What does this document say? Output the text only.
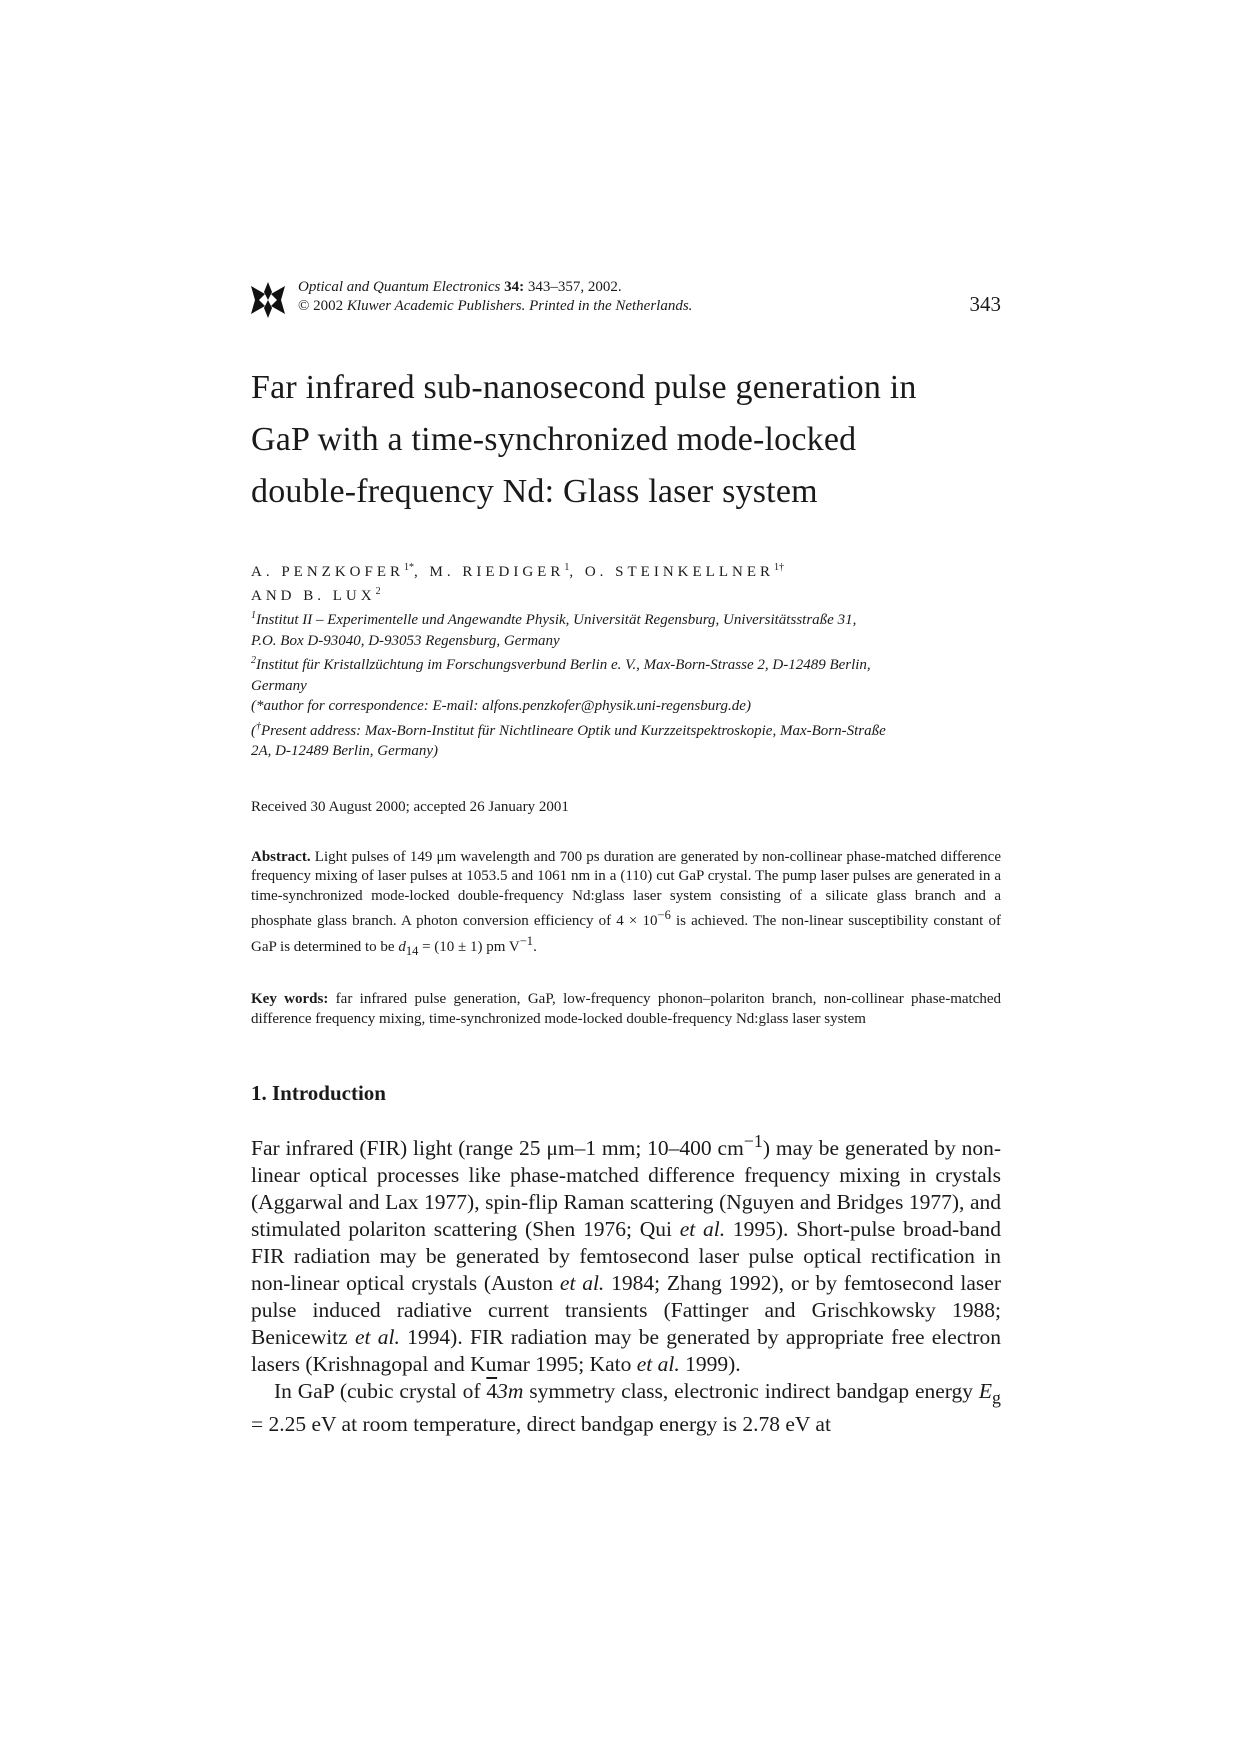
Optical and Quantum Electronics 34: 343–357, 2002.
© 2002 Kluwer Academic Publishers. Printed in the Netherlands.	343
Far infrared sub-nanosecond pulse generation in
GaP with a time-synchronized mode-locked
double-frequency Nd: Glass laser system
A. $PENZKOFER^{1*}$, M. RIEDIGER$^1$, O. $STEINKELLNER^{1\dagger}$
AND B. LUX$^2$
$^1$Institut II – Experimentelle und Angewandte Physik, Universität Regensburg, Universitätsstraße 31,
P.O. Box D-93040, D-93053 Regensburg, Germany
$^2$Institut für Kristallzüchtung im Forschungsverbund Berlin e. V., Max-Born-Strasse 2, D-12489 Berlin,
Germany
(*author for correspondence: E-mail: alfons.penzkofer@physik.uni-regensburg.de)
(†Present address: Max-Born-Institut für Nichtlineare Optik und Kurzzeitspektroskopie, Max-Born-Straße
2A, D-12489 Berlin, Germany)
Received 30 August 2000; accepted 26 January 2001
Abstract. Light pulses of 149 μm wavelength and 700 ps duration are generated by non-collinear phase-matched difference frequency mixing of laser pulses at 1053.5 and 1061 nm in a (110) cut GaP crystal. The pump laser pulses are generated in a time-synchronized mode-locked double-frequency Nd:glass laser system consisting of a silicate glass branch and a phosphate glass branch. A photon conversion efficiency of $4 \times 10^{-6}$ is achieved. The non-linear susceptibility constant of GaP is determined to be $d_{14} = (10 \pm 1)$ pm $V^{-1}$.
Key words: far infrared pulse generation, GaP, low-frequency phonon–polariton branch, non-collinear phase-matched difference frequency mixing, time-synchronized mode-locked double-frequency Nd:glass laser system
1. Introduction

Far infrared (FIR) light (range 25 μm–1 mm; 10–400 $cm^{-1}$) may be generated by non-linear optical processes like phase-matched difference frequency mixing in crystals (Aggarwal and Lax 1977), spin-flip Raman scattering (Nguyen and Bridges 1977), and stimulated polariton scattering (Shen 1976; Qui et al. 1995). Short-pulse broad-band FIR radiation may be generated by femtosecond laser pulse optical rectification in non-linear optical crystals (Auston et al. 1984; Zhang 1992), or by femtosecond laser pulse induced radiative current transients (Fattinger and Grischkowsky 1988; Benicewitz et al. 1994). FIR radiation may be generated by appropriate free electron lasers (Krishnagopal and Kumar 1995; Kato et al. 1999).

In GaP (cubic crystal of 43m symmetry class, electronic indirect bandgap energy $E_g = 2.25$ eV at room temperature, direct bandgap energy is 2.78 eV at
